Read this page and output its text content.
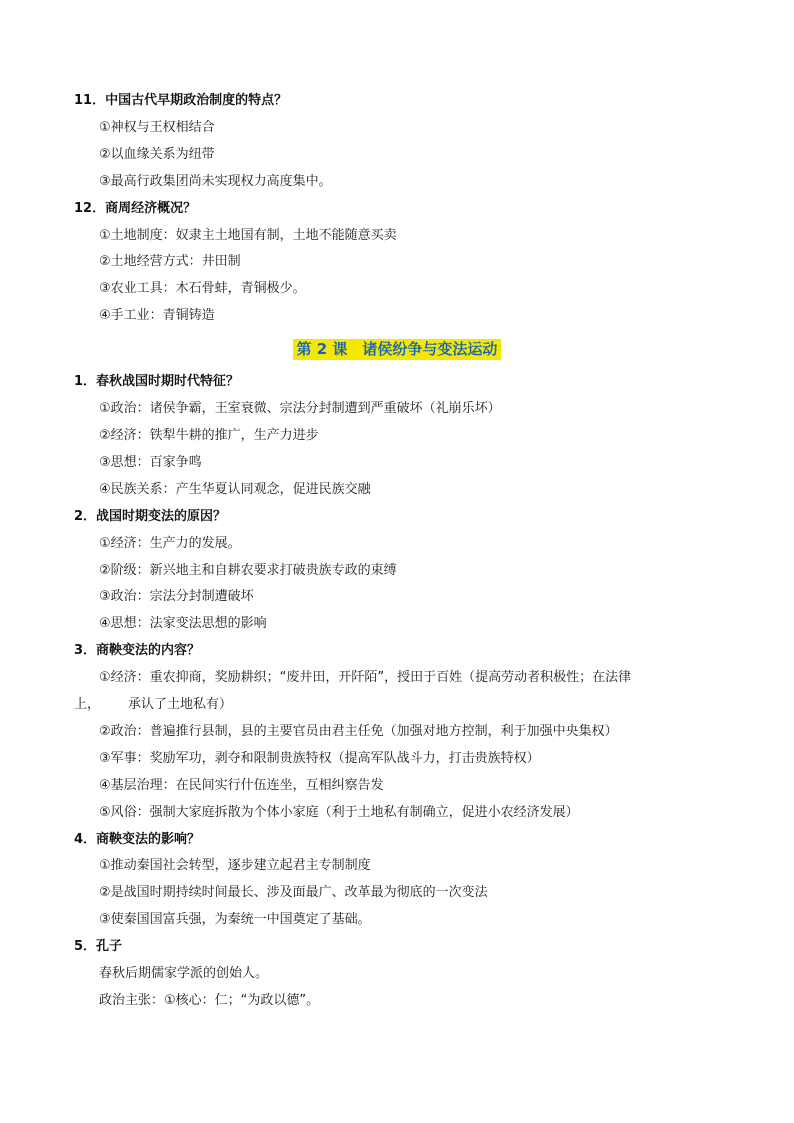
11．中国古代早期政治制度的特点？
①神权与王权相结合
②以血缘关系为纽带
③最高行政集团尚未实现权力高度集中。
12．商周经济概况？
①土地制度：奴隶主土地国有制，土地不能随意买卖
②土地经营方式：井田制
③农业工具：木石骨蚌，青铜极少。
④手工业：青铜铸造
第 2 课　诸侯纷争与变法运动
1．春秋战国时期时代特征？
①政治：诸侯争霸，王室衰微、宗法分封制遭到严重破坏（礼崩乐坏）
②经济：铁犁牛耕的推广，生产力进步
③思想：百家争鸣
④民族关系：产生华夏认同观念，促进民族交融
2．战国时期变法的原因？
①经济：生产力的发展。
②阶级：新兴地主和自耕农要求打破贵族专政的束缚
③政治：宗法分封制遭破坏
④思想：法家变法思想的影响
3．商鞅变法的内容？
①经济：重农抑商，奖励耕织；“废井田，开阡陌”，授田于百姓（提高劳动者积极性；在法律
上， 承认了土地私有）
②政治：普遍推行县制，县的主要官员由君主任免（加强对地方控制，利于加强中央集权）
③军事：奖励军功，剥夺和限制贵族特权（提高军队战斗力，打击贵族特权）
④基层治理：在民间实行什伍连坐，互相纠察告发
⑤风俗：强制大家庭拆散为个体小家庭（利于土地私有制确立，促进小农经济发展）
4．商鞅变法的影响？
①推动秦国社会转型，逐步建立起君主专制制度
②是战国时期持续时间最长、涉及面最广、改革最为彻底的一次变法
③使秦国国富兵强，为秦统一中国奠定了基础。
5．孔子
春秋后期儒家学派的创始人。
政治主张：①核心：仁；“为政以德”。
